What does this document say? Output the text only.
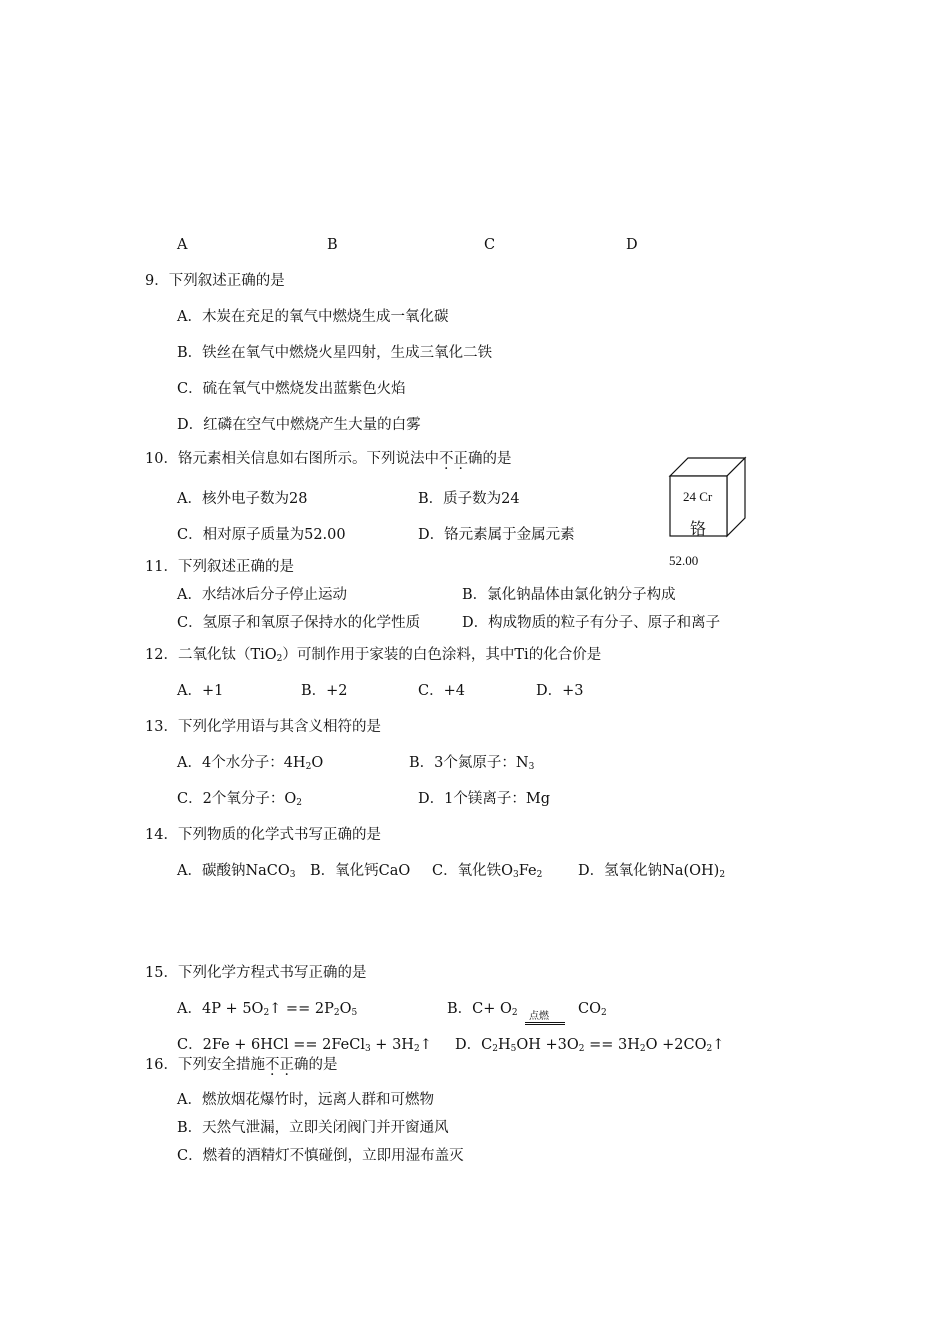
A	B	C	D
9．下列叙述正确的是
A．木炭在充足的氧气中燃烧生成一氧化碳
B．铁丝在氧气中燃烧火星四射，生成三氧化二铁
C．硫在氧气中燃烧发出蓝紫色火焰
D．红磷在空气中燃烧产生大量的白雾
10．铬元素相关信息如右图所示。下列说法中不正确的是
A．核外电子数为28	B．质子数为24
C．相对原子质量为52.00	D．铬元素属于金属元素
24 Cr
铬
52.00
11．下列叙述正确的是
A．水结冰后分子停止运动	B．氯化钠晶体由氯化钠分子构成
C．氢原子和氧原子保持水的化学性质	D．构成物质的粒子有分子、原子和离子
12．二氧化钛（TiO$_2$）可制作用于家装的白色涂料，其中Ti的化合价是
A．+1	B．+2	C．+4	D．+3
13．下列化学用语与其含义相符的是
A．4个水分子：$4H_2O$	B．3个氮原子：$N_3$
C．2个氧分子：$O_2$	D．1个镁离子：Mg
14．下列物质的化学式书写正确的是
A．碳酸钠NaCO$_3$ B．氧化钙CaO C．氧化铁$O_3Fe_2$ D．氢氧化钠$Na(OH)_2$
15．下列化学方程式书写正确的是
A．$4P + 5O_2↑ == 2P_2O_5$	B．$C+ O_2$ 点燃 $CO_2$
C．2Fe + 6HCl == 2FeCl$_3$ + $3H_2↑$ D．$C_2H_5OH +3O_2 == 3H_2O$ $+2CO_2↑$
16．下列安全措施不正确的是
A．燃放烟花爆竹时，远离人群和可燃物
B．天然气泄漏，立即关闭阀门并开窗通风
C．燃着的酒精灯不慎碰倒，立即用湿布盖灭
